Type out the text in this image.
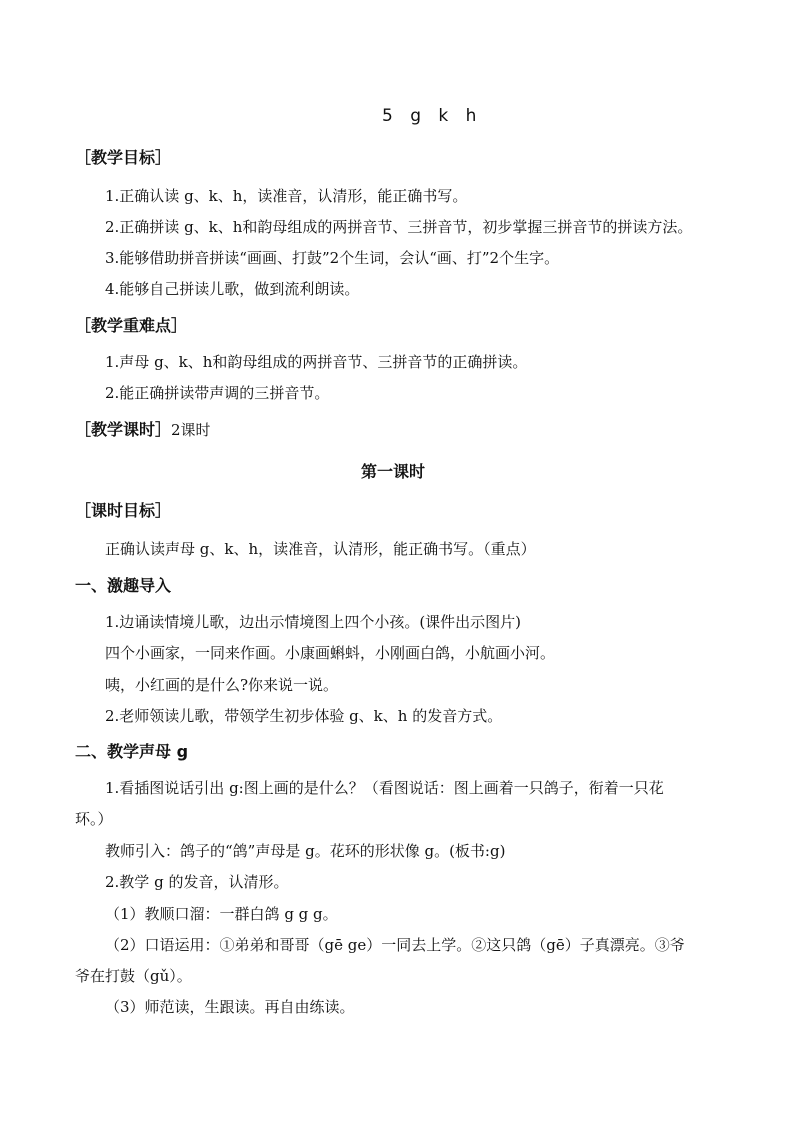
5 g k h
［教学目标］
1.正确认读 g、k、h，读准音，认清形，能正确书写。
2.正确拼读 g、k、h和韵母组成的两拼音节、三拼音节，初步掌握三拼音节的拼读方法。
3.能够借助拼音拼读“画画、打鼓”2个生词，会认“画、打”2个生字。
4.能够自己拼读儿歌，做到流利朗读。
［教学重难点］
1.声母 g、k、h和韵母组成的两拼音节、三拼音节的正确拼读。
2.能正确拼读带声调的三拼音节。
［教学课时］2课时
第一课时
［课时目标］
正确认读声母 g、k、h，读准音，认清形，能正确书写。（重点）
一、激趣导入
1.边诵读情境儿歌，边出示情境图上四个小孩。(课件出示图片)
四个小画家，一同来作画。小康画蝌蚪，小刚画白鸽，小航画小河。
咦，小红画的是什么?你来说一说。
2.老师领读儿歌，带领学生初步体验 g、k、h 的发音方式。
二、教学声母 g
1.看插图说话引出 g:图上画的是什么？（看图说话：图上画着一只鸽子，衔着一只花
环。）
教师引入：鸽子的“鸽”声母是 g。花环的形状像 g。(板书:g)
2.教学 g 的发音，认清形。
（1）教顺口溜：一群白鸽 g g g。
（2）口语运用：①弟弟和哥哥（gē ge）一同去上学。②这只鸽（gē）子真漂亮。③爷
爷在打鼓（gǔ）。
（3）师范读，生跟读。再自由练读。
